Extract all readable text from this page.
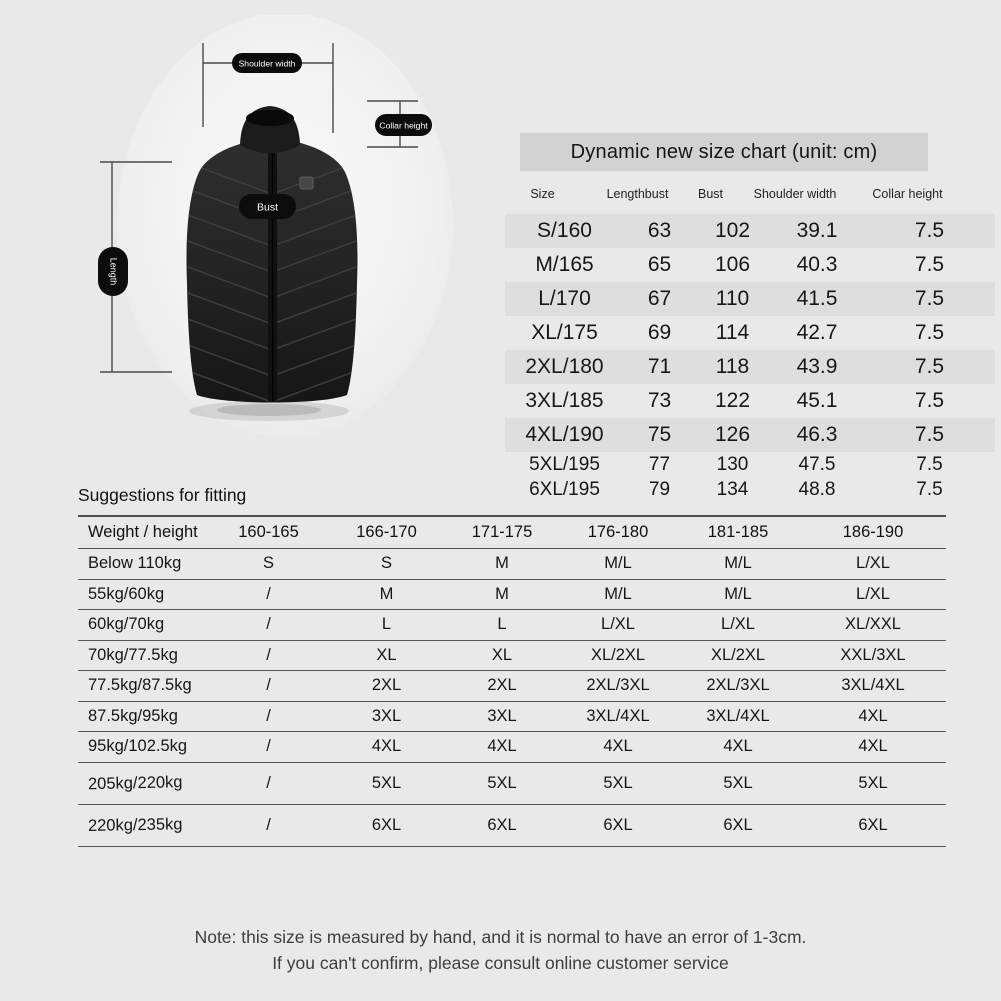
Shoulder width
Collar height
Bust
Length
Dynamic new size chart (unit: cm)
Size	Lengthbust	Bust	Shoulder width	Collar height
S/160	63	102	39.1	7.5
M/165	65	106	40.3	7.5
L/170	67	110	41.5	7.5
XL/175	69	114	42.7	7.5
2XL/180	71	118	43.9	7.5
3XL/185	73	122	45.1	7.5
4XL/190	75	126	46.3	7.5
5XL/195	77	130	47.5	7.5
6XL/195	79	134	48.8	7.5
Suggestions for fitting
Weight / height	160-165	166-170	171-175	176-180	181-185	186-190
Below 110kg	S	S	M	M/L	M/L	L/XL
55kg/60kg	/	M	M	M/L	M/L	L/XL
60kg/70kg	/	L	L	L/XL	L/XL	XL/XXL
70kg/77.5kg	/	XL	XL	XL/2XL	XL/2XL	XXL/3XL
77.5kg/87.5kg	/	2XL	2XL	2XL/3XL	2XL/3XL	3XL/4XL
87.5kg/95kg	/	3XL	3XL	3XL/4XL	3XL/4XL	4XL
95kg/102.5kg	/	4XL	4XL	4XL	4XL	4XL
205kg/220kg	/	5XL	5XL	5XL	5XL	5XL
220kg/235kg	/	6XL	6XL	6XL	6XL	6XL
Note: this size is measured by hand, and it is normal to have an error of 1-3cm.
If you can't confirm, please consult online customer service
